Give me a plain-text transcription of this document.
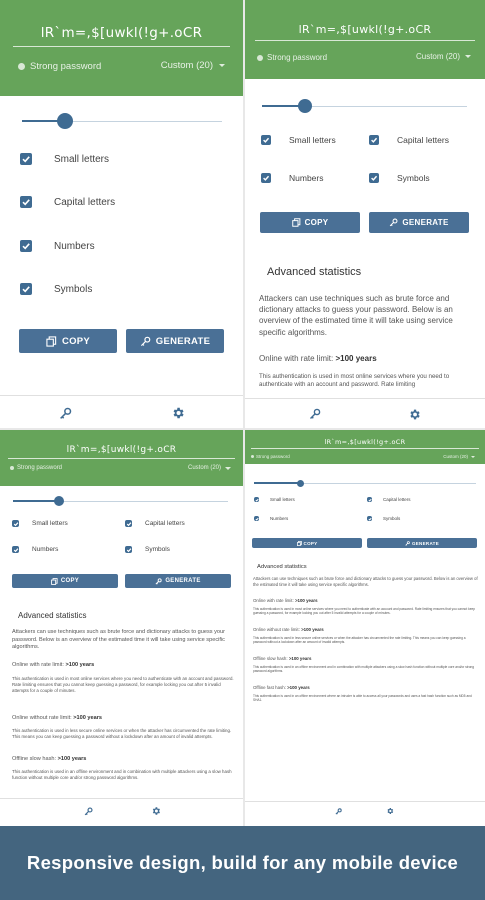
lR`m=,$[uwkl(!g+.oCR
Strong password	Custom (20)
Small letters
Capital letters
Numbers
Symbols
COPY	GENERATE
lR`m=,$[uwkl(!g+.oCR
Strong password	Custom (20)
Small letters	Capital letters
Numbers	Symbols
COPY	GENERATE
Advanced statistics
Attackers can use techniques such as brute force and dictionary attacks to guess your password. Below is an overview of the estimated time it will take using service specific algorithms.
Online with rate limit: >100 years
This authentication is used in most online services where you need to authenticate with an account and password. Rate limiting
lR`m=,$[uwkl(!g+.oCR
Strong password	Custom (20)
Small letters	Capital letters
Numbers	Symbols
COPY	GENERATE
Advanced statistics
Attackers can use techniques such as brute force and dictionary attacks to guess your password. Below is an overview of the estimated time it will take using service specific algorithms.
Online with rate limit: >100 years
This authentication is used in most online services where you need to authenticate with an account and password. Rate limiting ensures that you cannot keep guessing a password, for example locking you out after 5 invalid attempts for a couple of minutes.
Online without rate limit: >100 years
This authentication is used in less secure online services or when the attacker has circumvented the rate limiting. This means you can keep guessing a password without a lockdown after an amount of invalid attempts.
Offline slow hash: >100 years
This authentication is used in an offline environment and in combination with multiple attackers using a slow hash function without multiple core and/or strong password algorithms.
lR`m=,$[uwkl(!g+.oCR
Strong password	Custom (20)
Small letters	Capital letters
Numbers	Symbols
COPY	GENERATE
Advanced statistics
Attackers can use techniques such as brute force and dictionary attacks to guess your password. Below is an overview of the estimated time it will take using service specific algorithms.
Online with rate limit: >100 years
This authentication is used in most online services where you need to authenticate with an account and password. Rate limiting ensures that you cannot keep guessing a password, for example locking you out after 5 invalid attempts for a couple of minutes.
Online without rate limit: >100 years
This authentication is used in less secure online services or when the attacker has circumvented the rate limiting. This means you can keep guessing a password without a lockdown after an amount of invalid attempts.
Offline slow hash: >100 years
This authentication is used in an offline environment and in combination with multiple attackers using a slow hash function without multiple core and/or strong password algorithms.
Offline fast hash: >100 years
This authentication is used in an offline environment where an intruder is able to access all your passwords and uses a fast hash function such as MD5 and SHA1.
Responsive design, build for any mobile device
